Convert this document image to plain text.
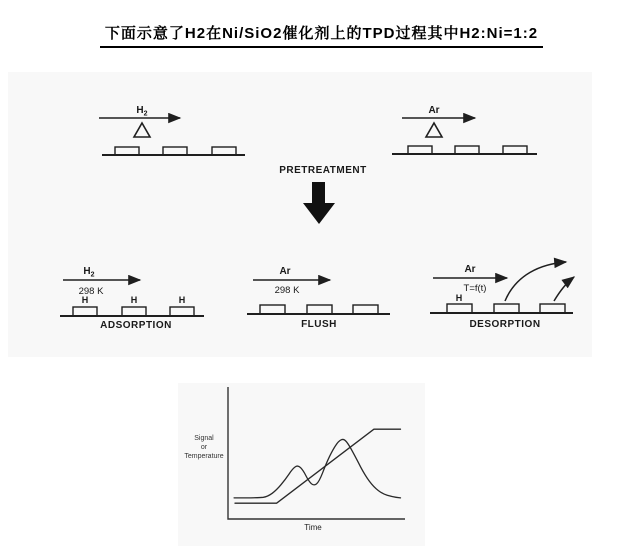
下面示意了H2在Ni/SiO2催化剂上的TPD过程其中H2:Ni=1:2
$H_2$	Ar
PRETREATMENT
$H_2$
298 K
H	H	H
ADSORPTION
Ar
298 K
FLUSH
Ar
T=f(t)
H
DESORPTION
Signal
or
Temperature
Time
